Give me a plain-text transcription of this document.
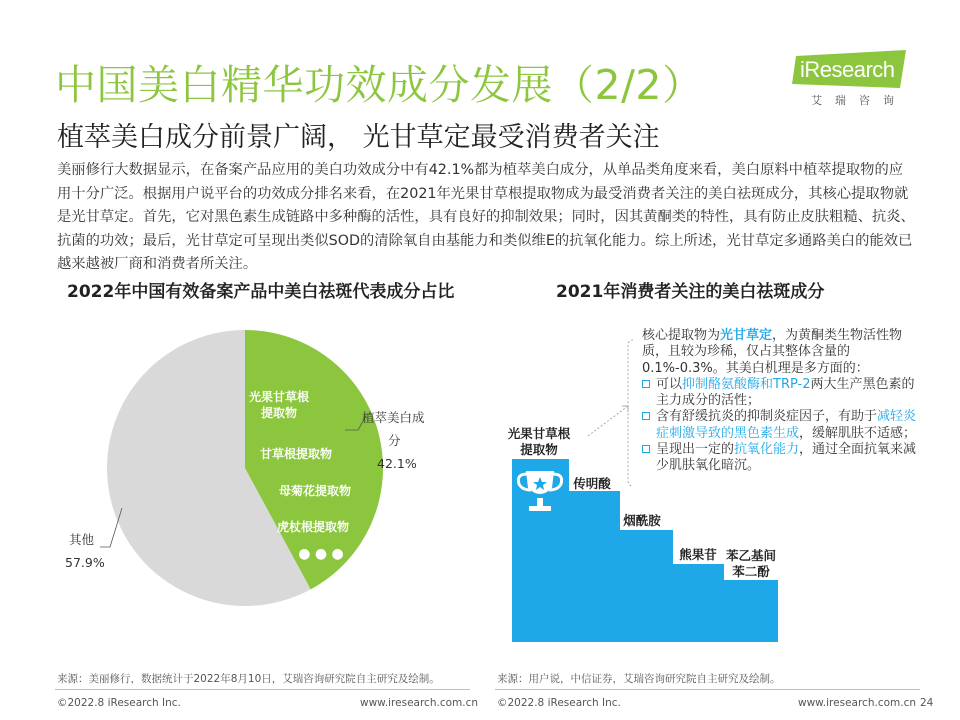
中国美白精华功效成分发展（2/2）
植萃美白成分前景广阔， 光甘草定最受消费者关注
iResearch
艾瑞咨询
美丽修行大数据显示，在备案产品应用的美白功效成分中有42.1%都为植萃美白成分，从单品类角度来看，美白原料中植萃提取物的应用十分广泛。根据用户说平台的功效成分排名来看，在2021年光果甘草根提取物成为最受消费者关注的美白祛斑成分，其核心提取物就是光甘草定。首先，它对黑色素生成链路中多种酶的活性，具有良好的抑制效果；同时，因其黄酮类的特性，具有防止皮肤粗糙、抗炎、抗菌的功效；最后，光甘草定可呈现出类似SOD的清除氧自由基能力和类似维E的抗氧化能力。综上所述，光甘草定多通路美白的能效已越来越被厂商和消费者所关注。
2022年中国有效备案产品中美白祛斑代表成分占比	2021年消费者关注的美白祛斑成分
光果甘草根
提取物
甘草根提取物
母菊花提取物
虎杖根提取物
● ● ●
植萃美白成
分
42.1%
其他
57.9%
光果甘草根
提取物
传明酸
烟酰胺
熊果苷 苯乙基间
苯二酚

核心提取物为光甘草定，为黄酮类生物活性物质，且较为珍稀，仅占其整体含量的0.1%-0.3%。其美白机理是多方面的：

可以抑制酪氨酸酶和TRP-2两大生产黑色素的主力成分的活性；

含有舒缓抗炎的抑制炎症因子，有助于减轻炎症刺激导致的黑色素生成，缓解肌肤不适感；

呈现出一定的抗氧化能力，通过全面抗氧来减少肌肤氧化暗沉。

来源：美丽修行，数据统计于2022年8月10日，艾瑞咨询研究院自主研究及绘制。	来源：用户说，中信证券，艾瑞咨询研究院自主研究及绘制。
©2022.8 iResearch Inc.	www.iresearch.com.cn ©2022.8 iResearch Inc.	www.iresearch.com.cn 24
